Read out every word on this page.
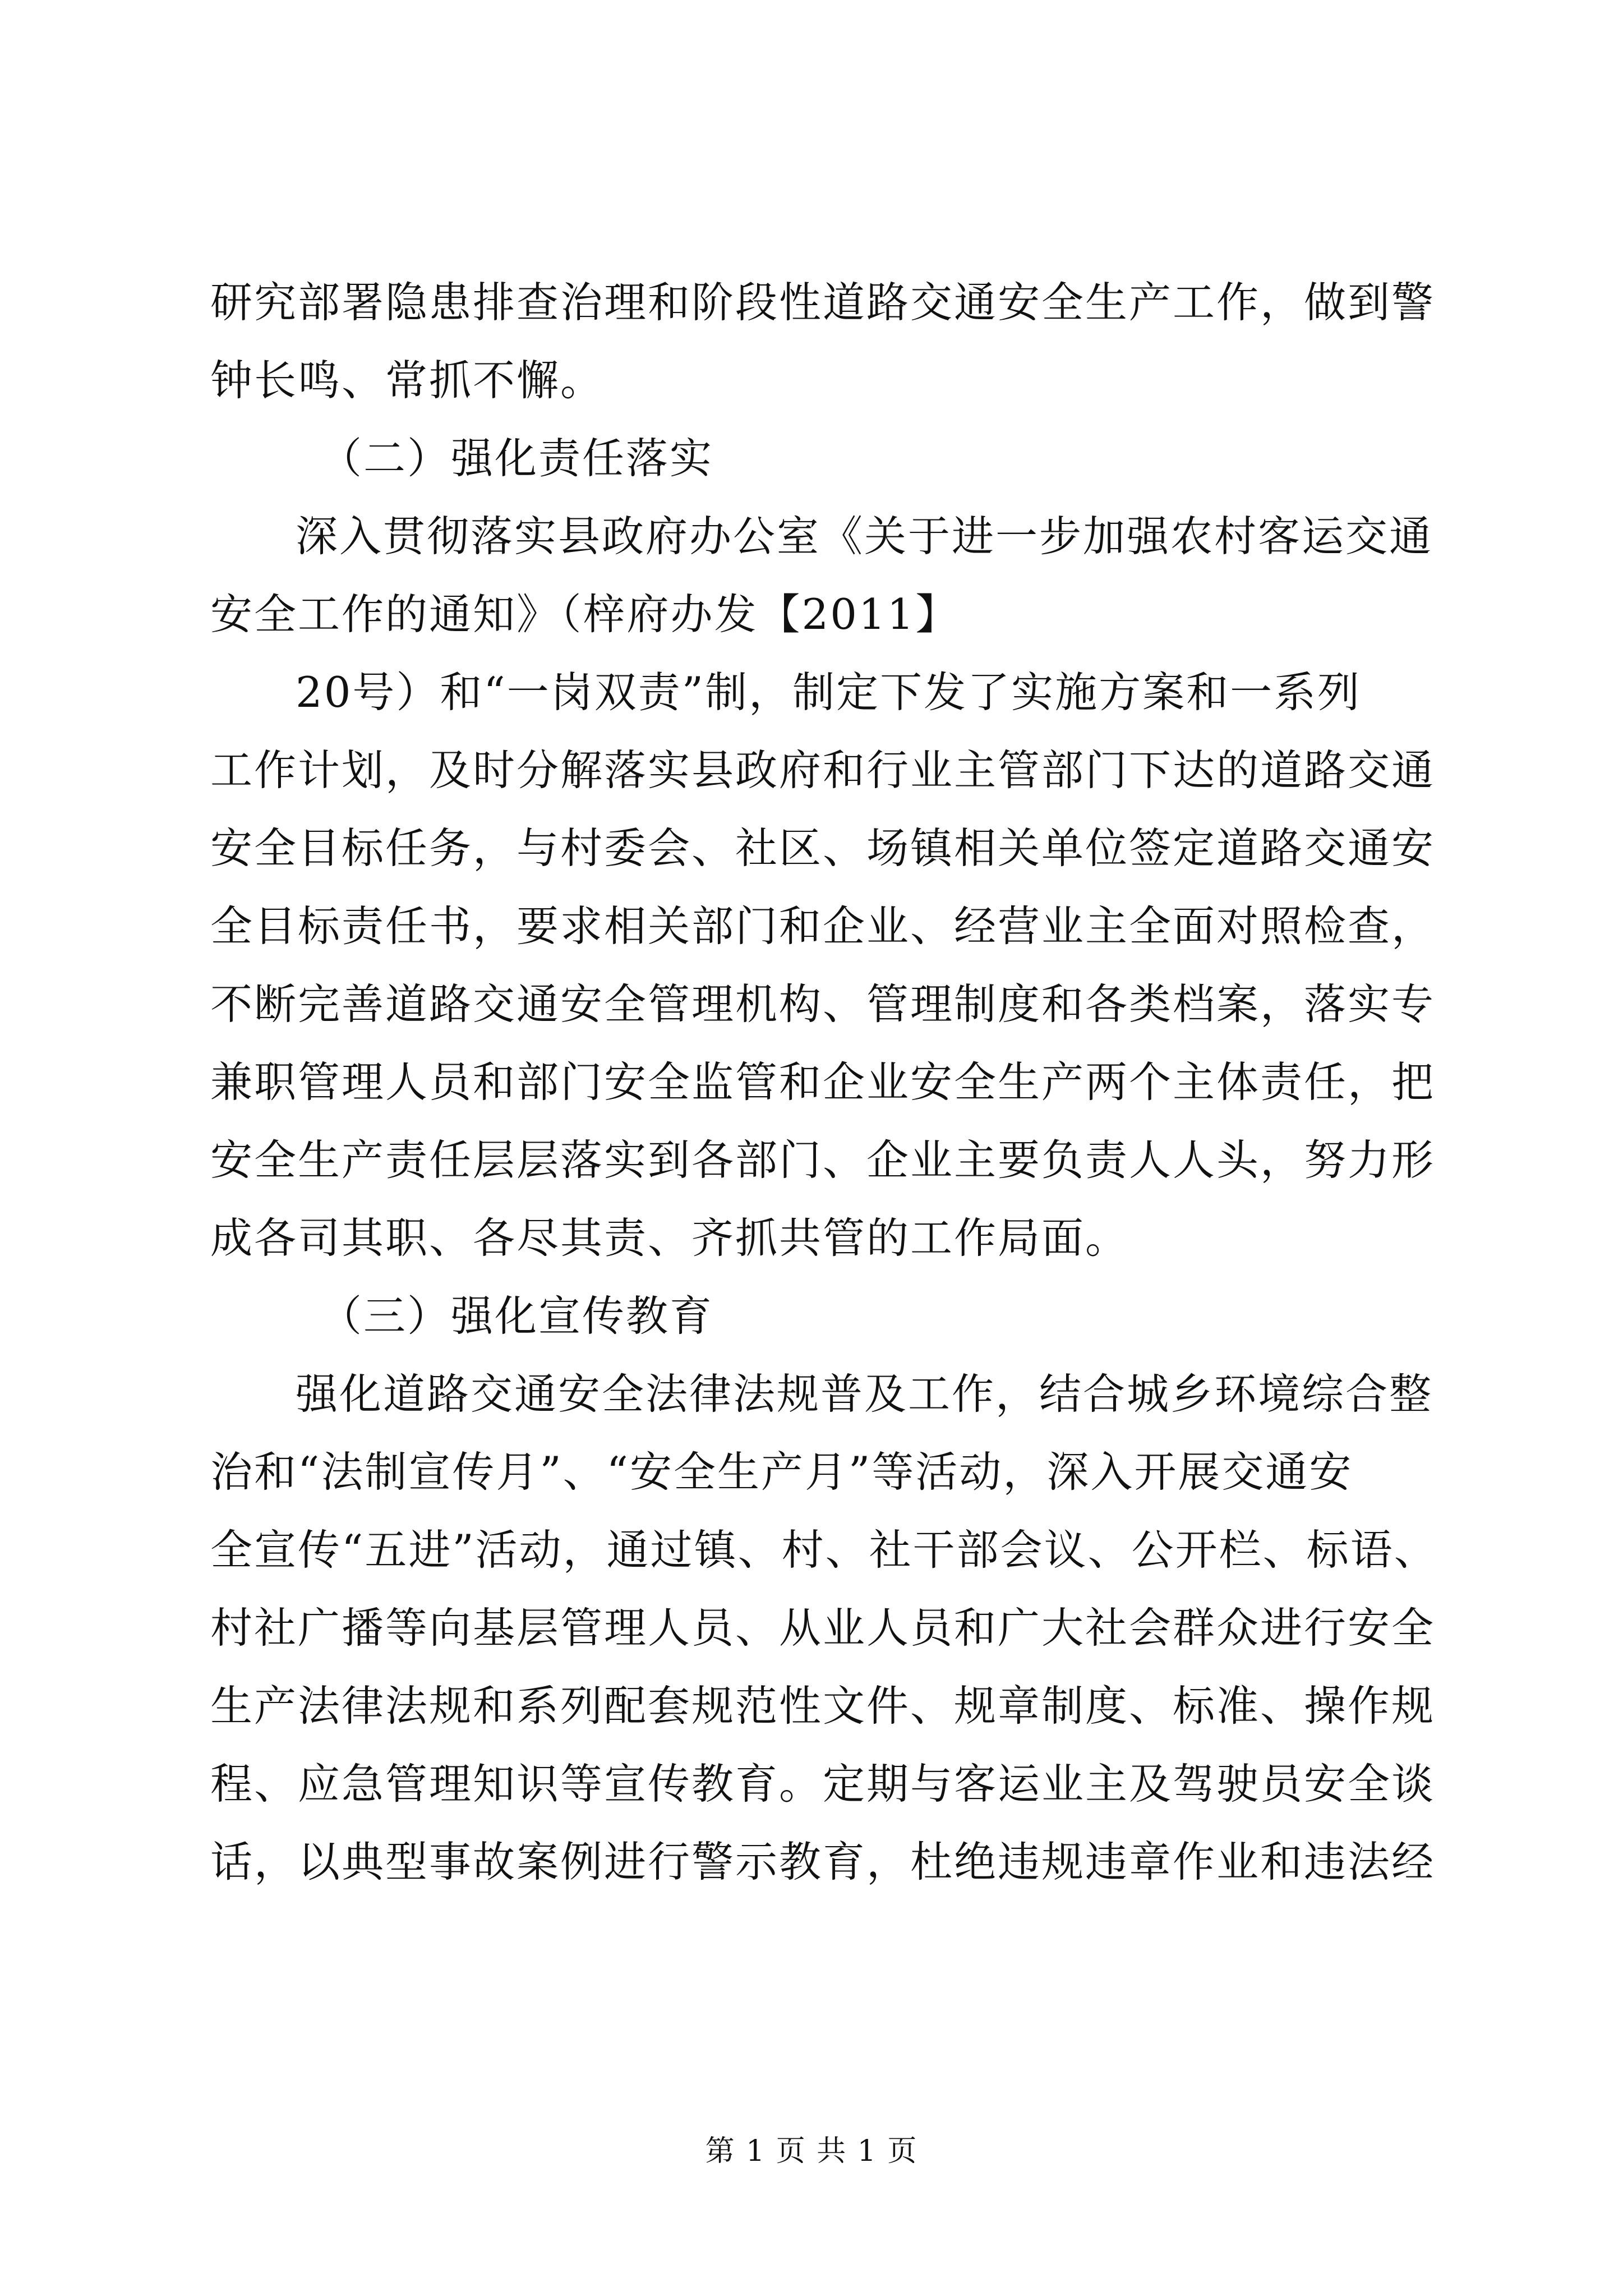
研究部署隐患排查治理和阶段性道路交通安全生产工作，做到警

钟长鸣、常抓不懈。

（二）强化责任落实

深入贯彻落实县政府办公室《关于进一步加强农村客运交通

安全工作的通知》（梓府办发【2011】

20号）和“一岗双责”制，制定下发了实施方案和一系列

工作计划，及时分解落实县政府和行业主管部门下达的道路交通

安全目标任务，与村委会、社区、场镇相关单位签定道路交通安

全目标责任书，要求相关部门和企业、经营业主全面对照检查，

不断完善道路交通安全管理机构、管理制度和各类档案，落实专

兼职管理人员和部门安全监管和企业安全生产两个主体责任，把

安全生产责任层层落实到各部门、企业主要负责人人头，努力形

成各司其职、各尽其责、齐抓共管的工作局面。

（三）强化宣传教育

强化道路交通安全法律法规普及工作，结合城乡环境综合整

治和“法制宣传月”、“安全生产月”等活动，深入开展交通安

全宣传“五进”活动，通过镇、村、社干部会议、公开栏、标语、

村社广播等向基层管理人员、从业人员和广大社会群众进行安全

生产法律法规和系列配套规范性文件、规章制度、标准、操作规

程、应急管理知识等宣传教育。定期与客运业主及驾驶员安全谈

话，以典型事故案例进行警示教育，杜绝违规违章作业和违法经

第 1 页 共 1 页
